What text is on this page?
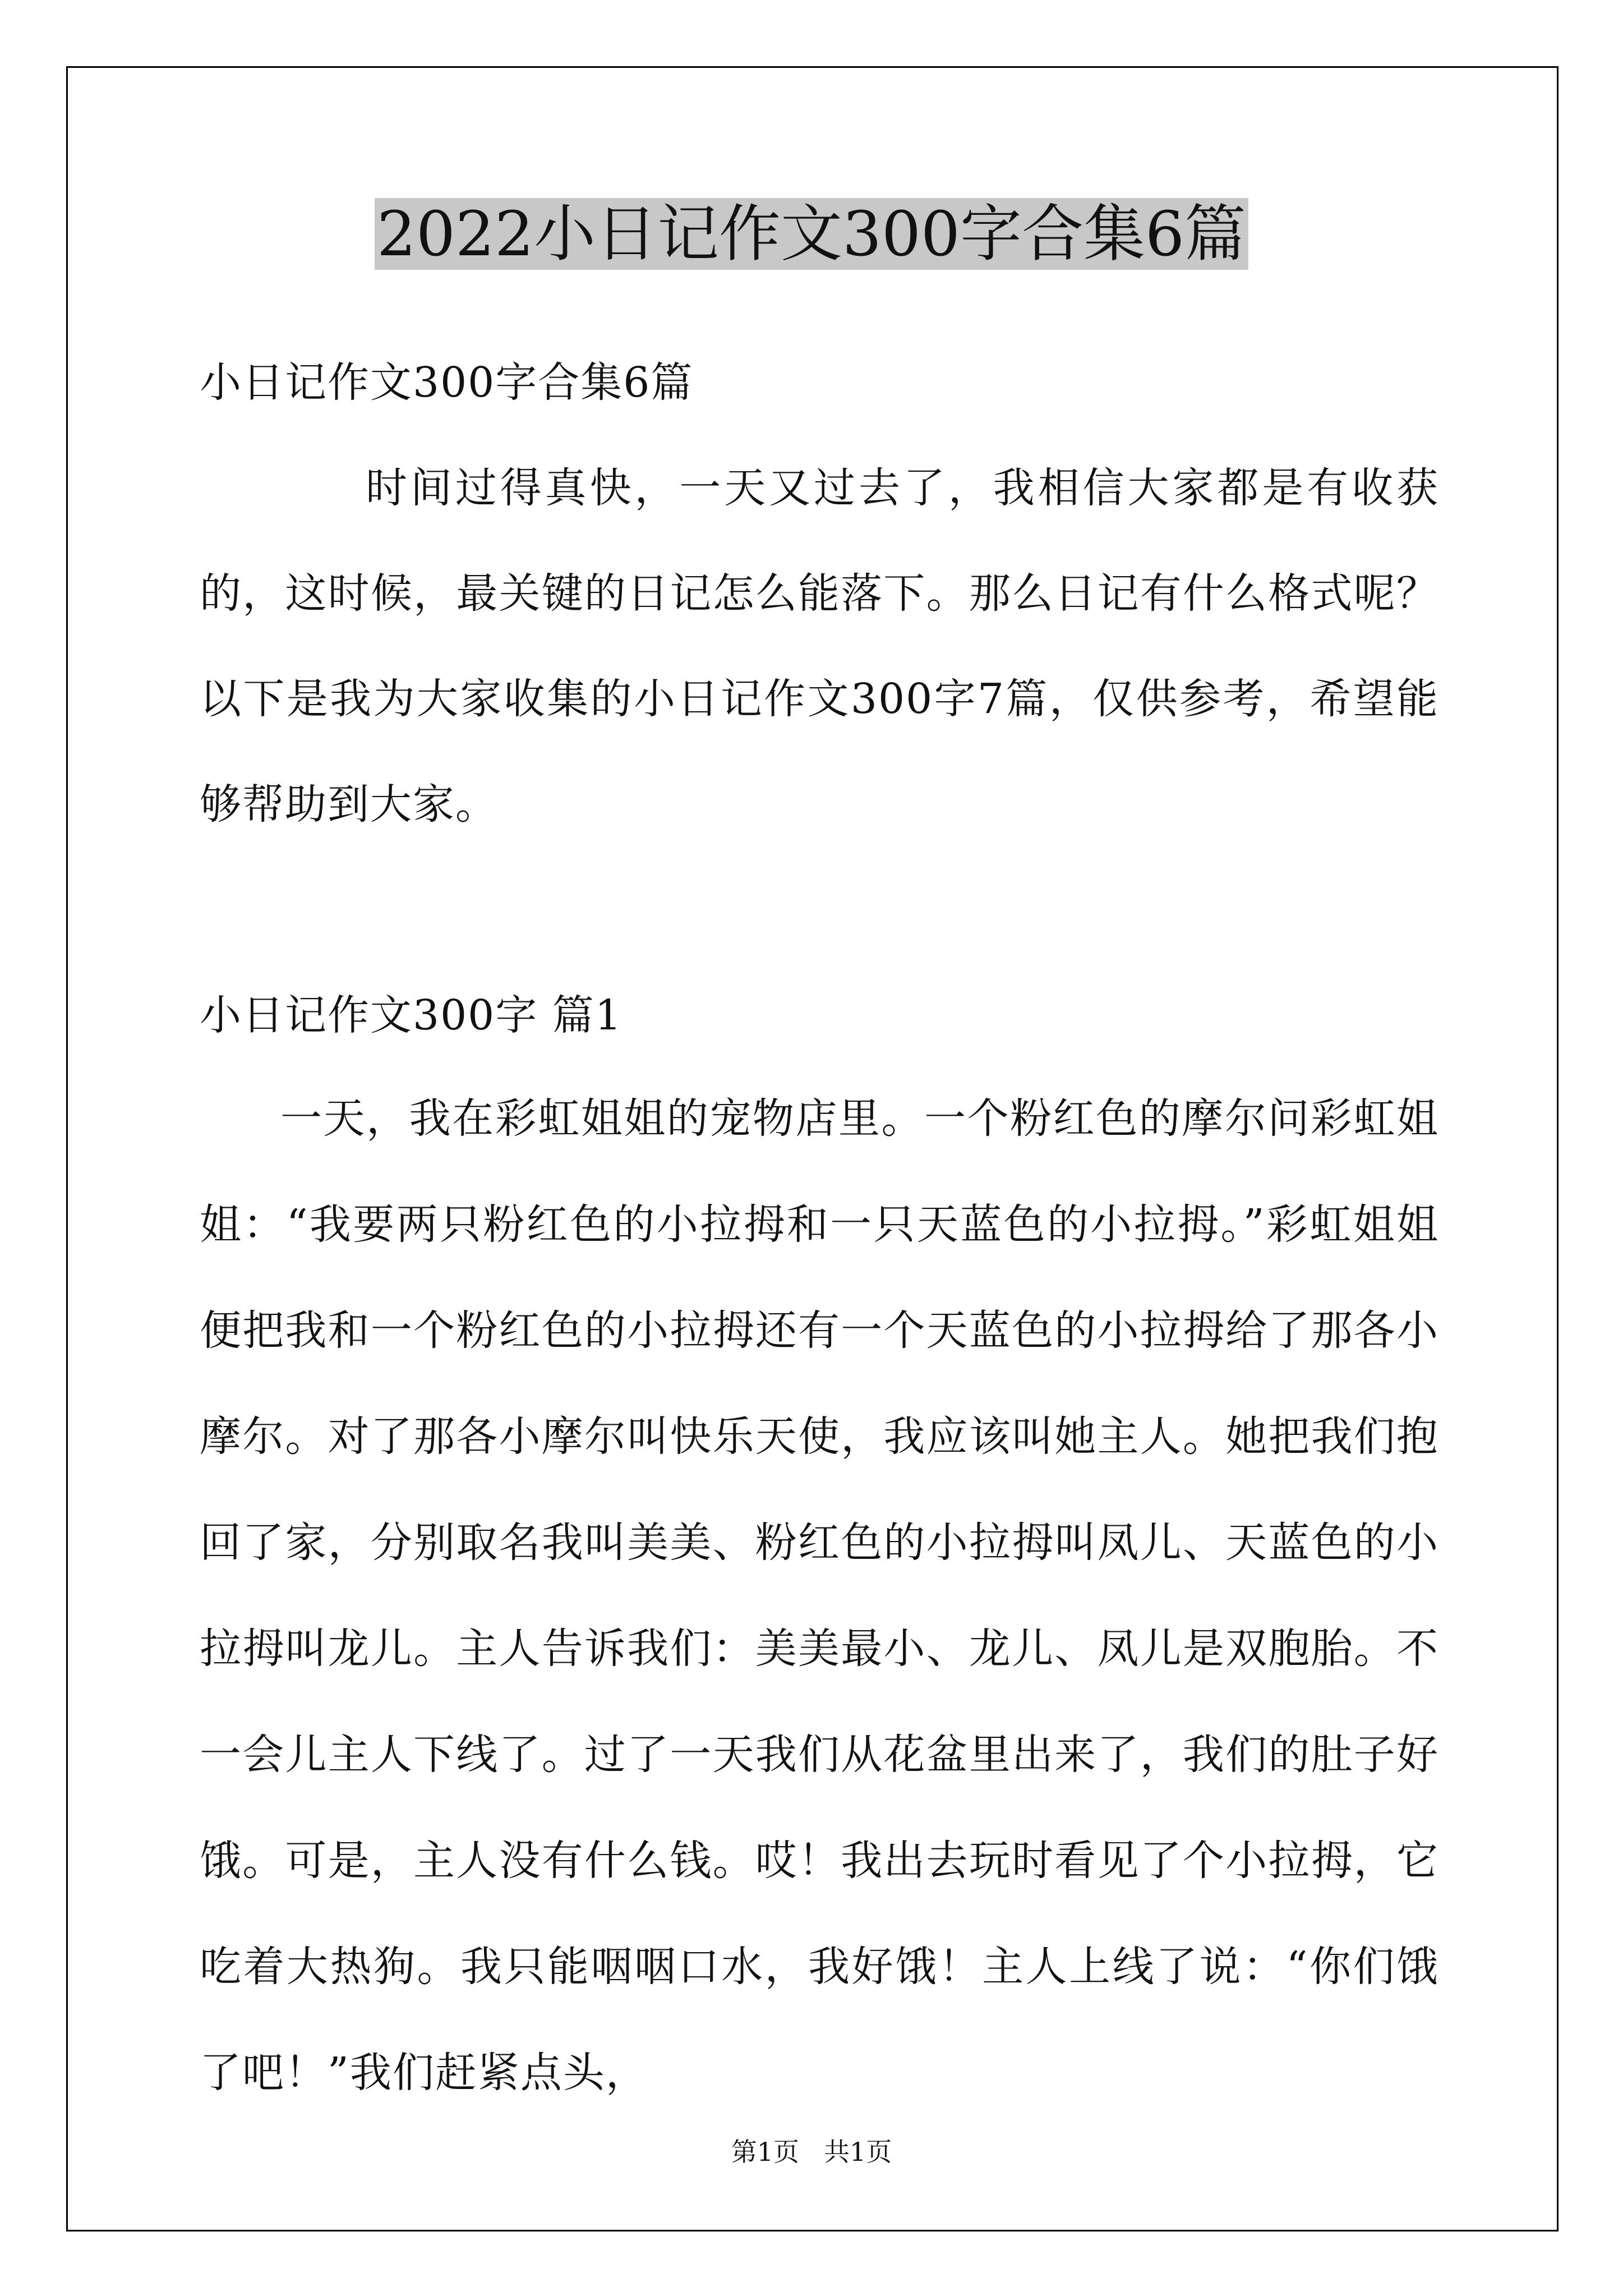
2022小日记作文300字合集6篇
小日记作文300字合集6篇

时间过得真快，一天又过去了，我相信大家都是有收获的，这时候，最关键的日记怎么能落下。那么日记有什么格式呢？以下是我为大家收集的小日记作文300字7篇，仅供参考，希望能够帮助到大家。

小日记作文300字 篇1

一天，我在彩虹姐姐的宠物店里。一个粉红色的摩尔问彩虹姐姐：“我要两只粉红色的小拉拇和一只天蓝色的小拉拇。”彩虹姐姐便把我和一个粉红色的小拉拇还有一个天蓝色的小拉拇给了那各小摩尔。对了那各小摩尔叫快乐天使，我应该叫她主人。她把我们抱回了家，分别取名我叫美美、粉红色的小拉拇叫凤儿、天蓝色的小拉拇叫龙儿。主人告诉我们：美美最小、龙儿、凤儿是双胞胎。不一会儿主人下线了。过了一天我们从花盆里出来了，我们的肚子好饿。可是，主人没有什么钱。哎！我出去玩时看见了个小拉拇，它吃着大热狗。我只能咽咽口水，我好饿！主人上线了说：“你们饿了吧！”我们赶紧点头，

第1页 共1页
